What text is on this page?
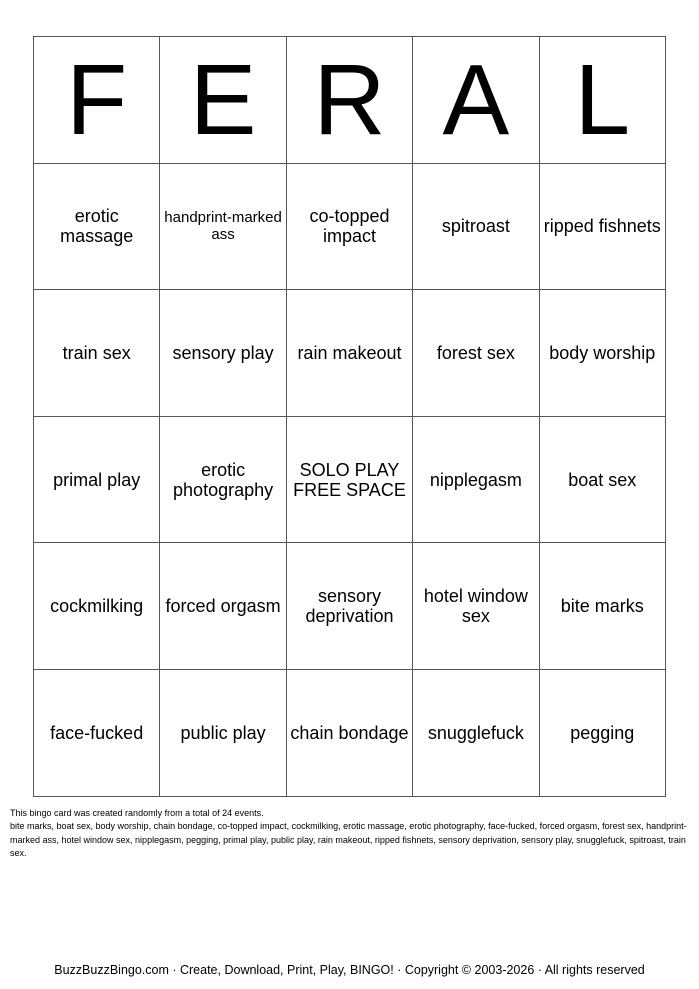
F	E	R	A	L
erotic massage	handprint-marked ass	co-topped impact	spitroast	ripped fishnets
train sex	sensory play	rain makeout	forest sex	body worship
primal play	erotic photography	SOLO PLAY FREE SPACE	nipplegasm	boat sex
cockmilking	forced orgasm	sensory deprivation	hotel window sex	bite marks
face-fucked	public play	chain bondage	snugglefuck	pegging

This bingo card was created randomly from a total of 24 events.

bite marks, boat sex, body worship, chain bondage, co-topped impact, cockmilking, erotic massage, erotic photography, face-fucked, forced orgasm, forest sex, handprint-marked ass, hotel window sex, nipplegasm, pegging, primal play, public play, rain makeout, ripped fishnets, sensory deprivation, sensory play, snugglefuck, spitroast, train sex.

BuzzBuzzBingo.com · Create, Download, Print, Play, BINGO! · Copyright © 2003-2026 · All rights reserved
